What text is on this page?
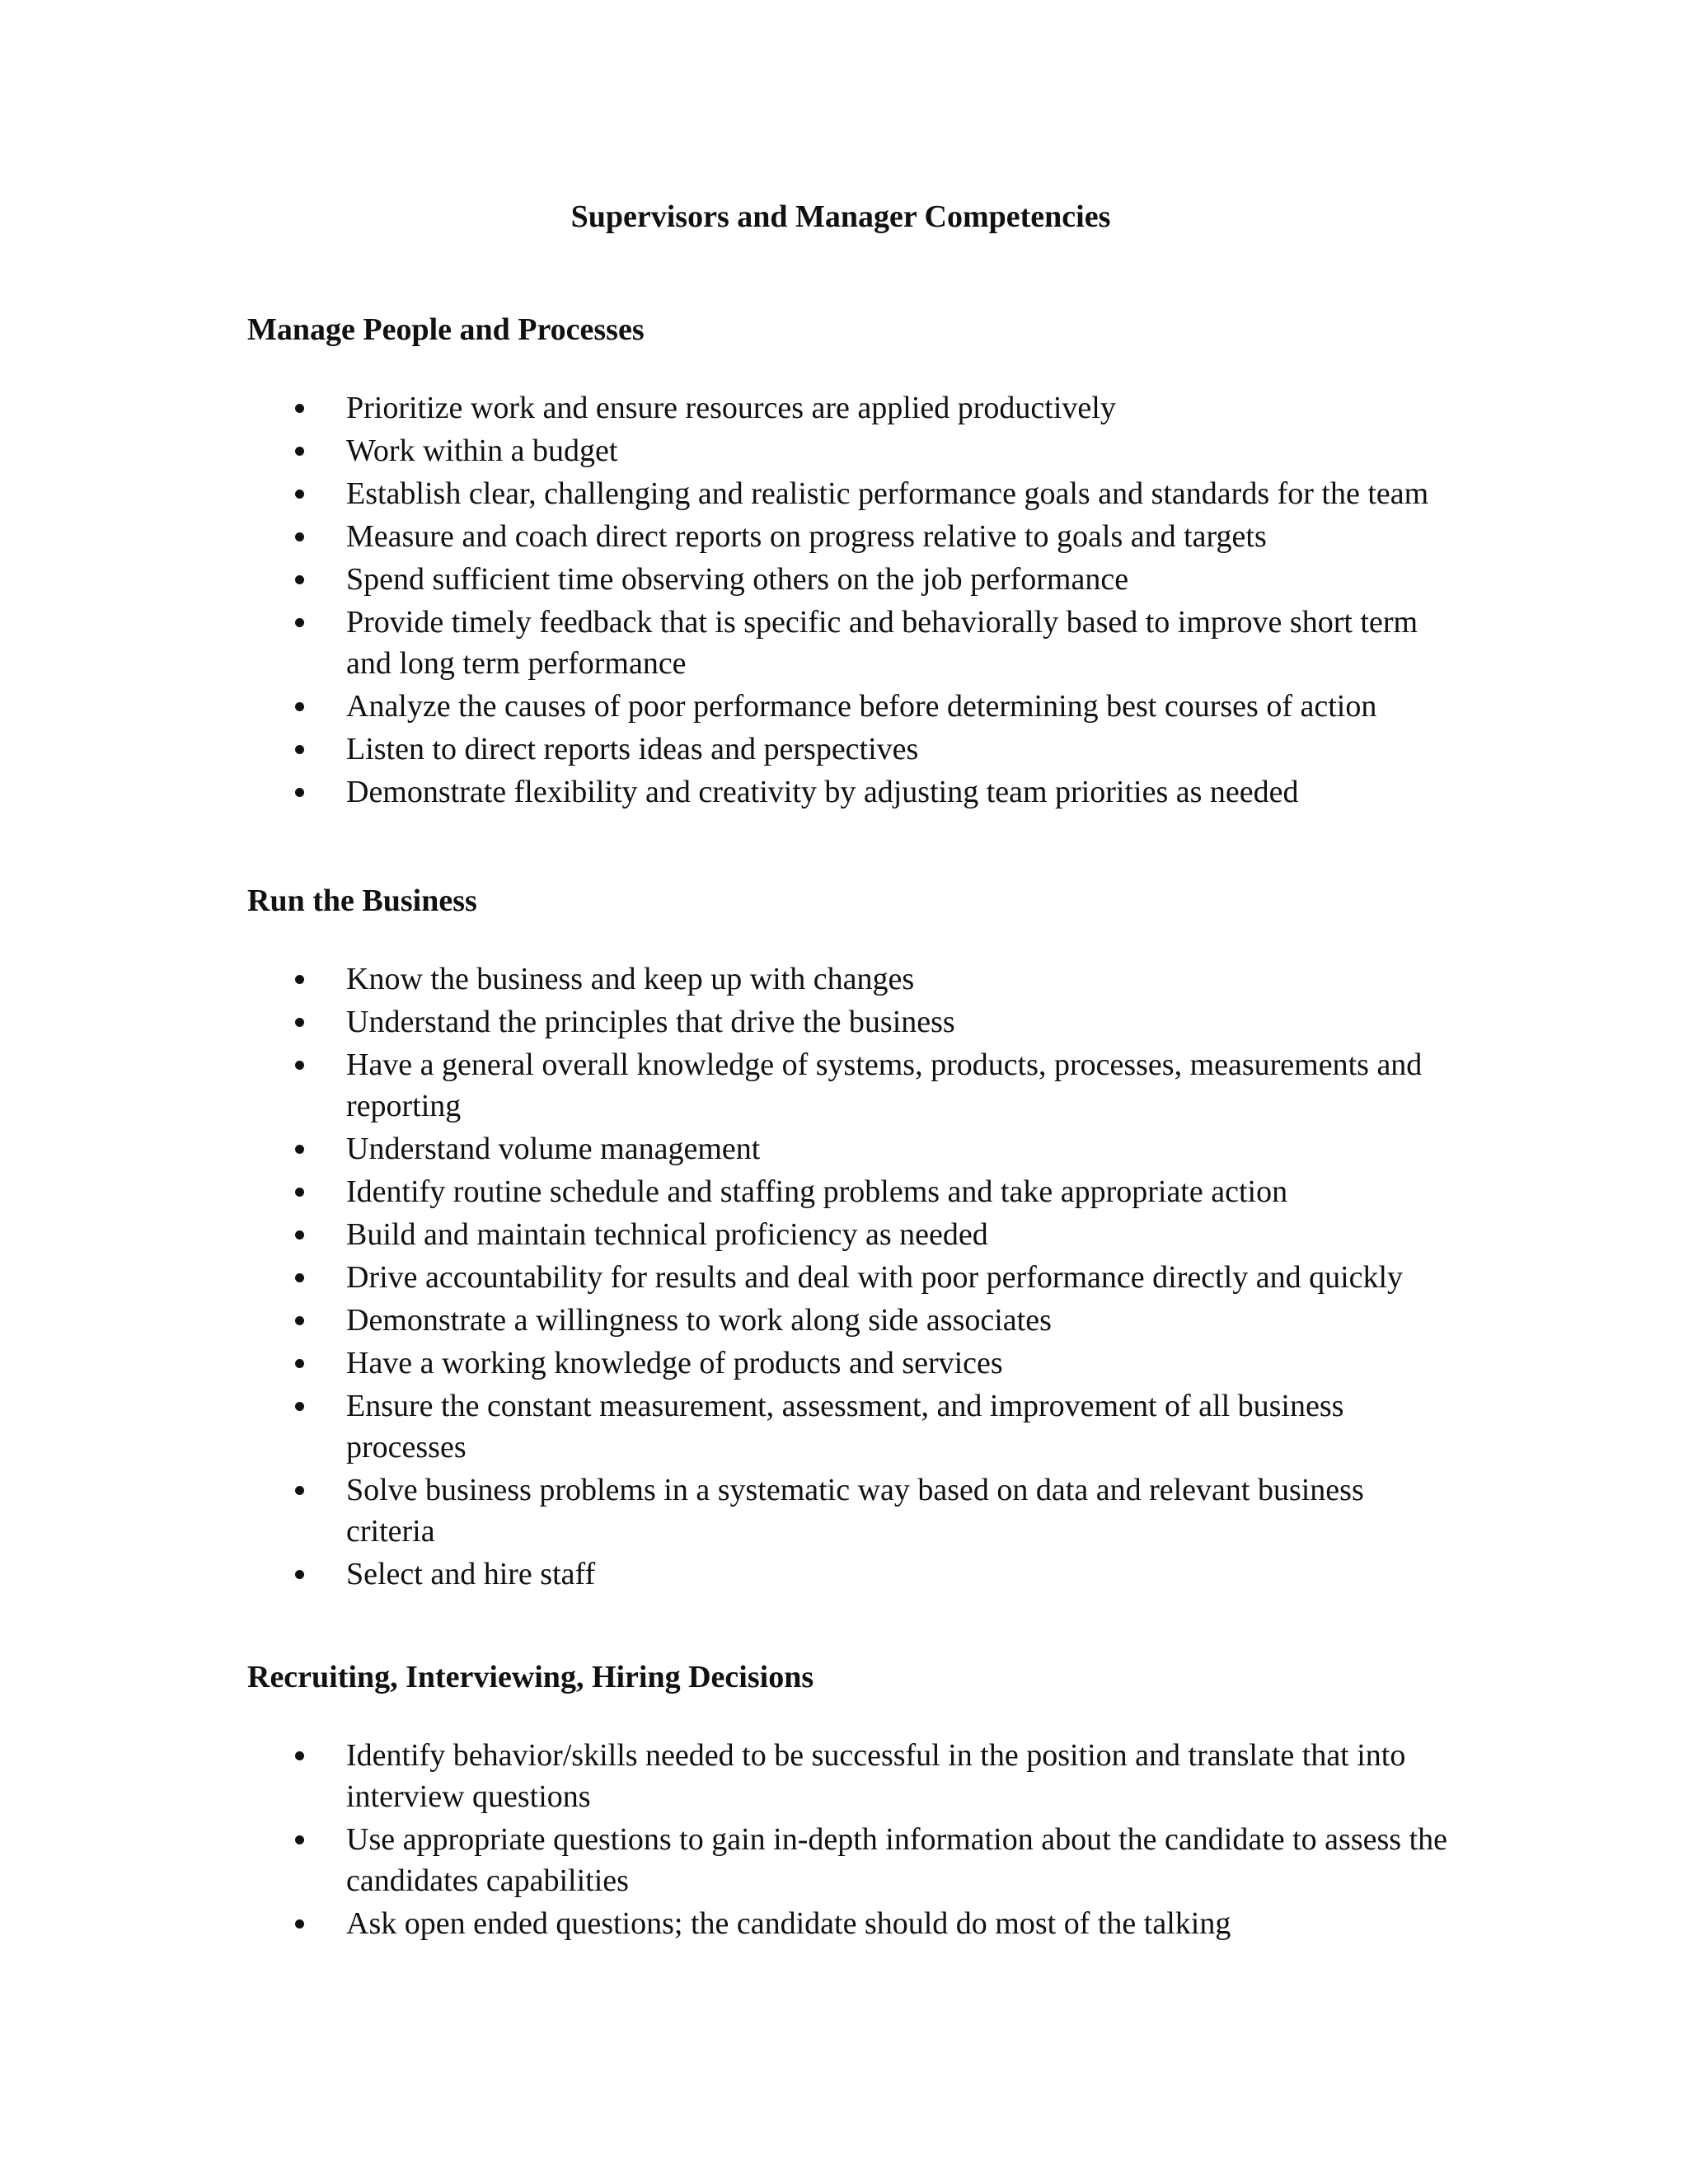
Supervisors and Manager Competencies
Manage People and Processes
Prioritize work and ensure resources are applied productively
Work within a budget
Establish clear, challenging and realistic performance goals and standards for the team
Measure and coach direct reports on progress relative to goals and targets
Spend sufficient time observing others on the job performance
Provide timely feedback that is specific and behaviorally based to improve short term and long term performance
Analyze the causes of poor performance before determining best courses of action
Listen to direct reports ideas and perspectives
Demonstrate flexibility and creativity by adjusting team priorities as needed
Run the Business
Know the business and keep up with changes
Understand the principles that drive the business
Have a general overall knowledge of systems, products, processes, measurements and reporting
Understand volume management
Identify routine schedule and staffing problems and take appropriate action
Build and maintain technical proficiency as needed
Drive accountability for results and deal with poor performance directly and quickly
Demonstrate a willingness to work along side associates
Have a working knowledge of products and services
Ensure the constant measurement, assessment, and improvement of all business processes
Solve business problems in a systematic way based on data and relevant business criteria
Select and hire staff
Recruiting, Interviewing, Hiring Decisions
Identify behavior/skills needed to be successful in the position and translate that into interview questions
Use appropriate questions to gain in-depth information about the candidate to assess the candidates capabilities
Ask open ended questions; the candidate should do most of the talking
